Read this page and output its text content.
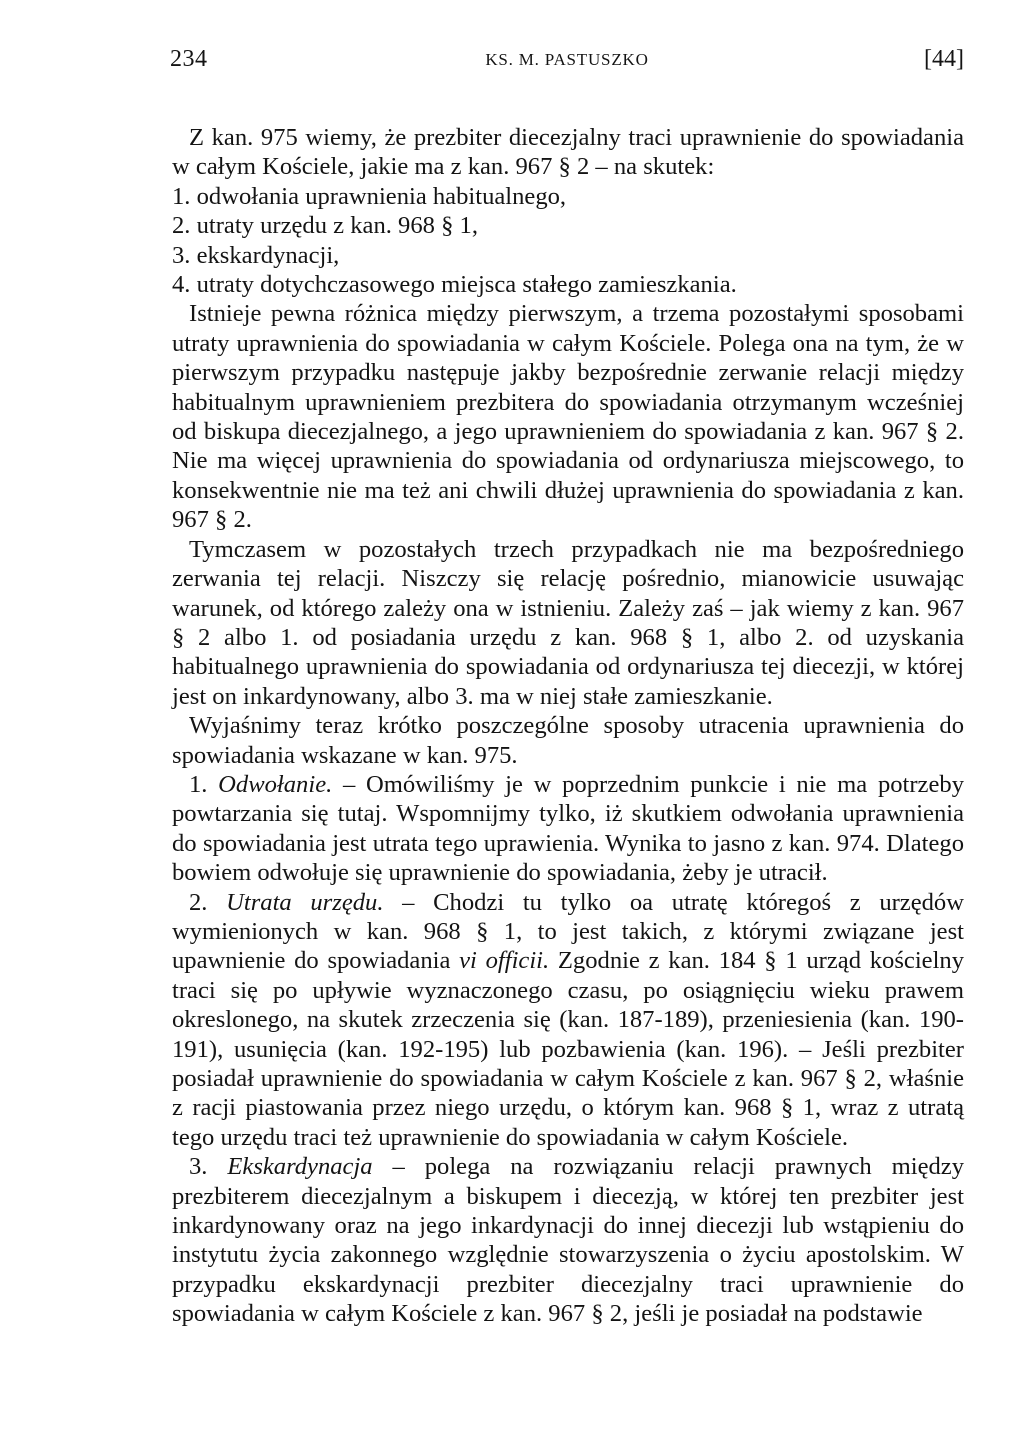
234	KS. M. PASTUSZKO	[44]

Z kan. 975 wiemy, że prezbiter diecezjalny traci uprawnienie do spowiadania w całym Kościele, jakie ma z kan. 967 § 2 – na skutek:

1. odwołania uprawnienia habitualnego,

2. utraty urzędu z kan. 968 § 1,

3. ekskardynacji,

4. utraty dotychczasowego miejsca stałego zamieszkania.

Istnieje pewna różnica między pierwszym, a trzema pozostałymi sposobami utraty uprawnienia do spowiadania w całym Kościele. Polega ona na tym, że w pierwszym przypadku następuje jakby bezpośrednie zerwanie relacji między habitualnym uprawnieniem prezbitera do spowiadania otrzymanym wcześniej od biskupa diecezjalnego, a jego uprawnieniem do spowiadania z kan. 967 § 2. Nie ma więcej uprawnienia do spowiadania od ordynariusza miejscowego, to konsekwentnie nie ma też ani chwili dłużej uprawnienia do spowiadania z kan. 967 § 2.

Tymczasem w pozostałych trzech przypadkach nie ma bezpośredniego zerwania tej relacji. Niszczy się relację pośrednio, mianowicie usuwając warunek, od którego zależy ona w istnieniu. Zależy zaś – jak wiemy z kan. 967 § 2 albo 1. od posiadania urzędu z kan. 968 § 1, albo 2. od uzyskania habitualnego uprawnienia do spowiadania od ordynariusza tej diecezji, w której jest on inkardynowany, albo 3. ma w niej stałe zamieszkanie.

Wyjaśnimy teraz krótko poszczególne sposoby utracenia uprawnienia do spowiadania wskazane w kan. 975.

1. Odwołanie. – Omówiliśmy je w poprzednim punkcie i nie ma potrzeby powtarzania się tutaj. Wspomnijmy tylko, iż skutkiem odwołania uprawnienia do spowiadania jest utrata tego uprawienia. Wynika to jasno z kan. 974. Dlatego bowiem odwołuje się uprawnienie do spowiadania, żeby je utracił.

2. Utrata urzędu. – Chodzi tu tylko oa utratę któregoś z urzędów wymienionych w kan. 968 § 1, to jest takich, z którymi związane jest upawnienie do spowiadania vi officii. Zgodnie z kan. 184 § 1 urząd kościelny traci się po upływie wyznaczonego czasu, po osiągnięciu wieku prawem okreslonego, na skutek zrzeczenia się (kan. 187-189), przeniesienia (kan. 190-191), usunięcia (kan. 192-195) lub pozbawienia (kan. 196). – Jeśli prezbiter posiadał uprawnienie do spowiadania w całym Kościele z kan. 967 § 2, właśnie z racji piastowania przez niego urzędu, o którym kan. 968 § 1, wraz z utratą tego urzędu traci też uprawnienie do spowiadania w całym Kościele.

3. Ekskardynacja – polega na rozwiązaniu relacji prawnych między prezbiterem diecezjalnym a biskupem i diecezją, w której ten prezbiter jest inkardynowany oraz na jego inkardynacji do innej diecezji lub wstąpieniu do instytutu życia zakonnego względnie stowarzyszenia o życiu apostolskim. W przypadku ekskardynacji prezbiter diecezjalny traci uprawnienie do spowiadania w całym Kościele z kan. 967 § 2, jeśli je posiadał na podstawie
